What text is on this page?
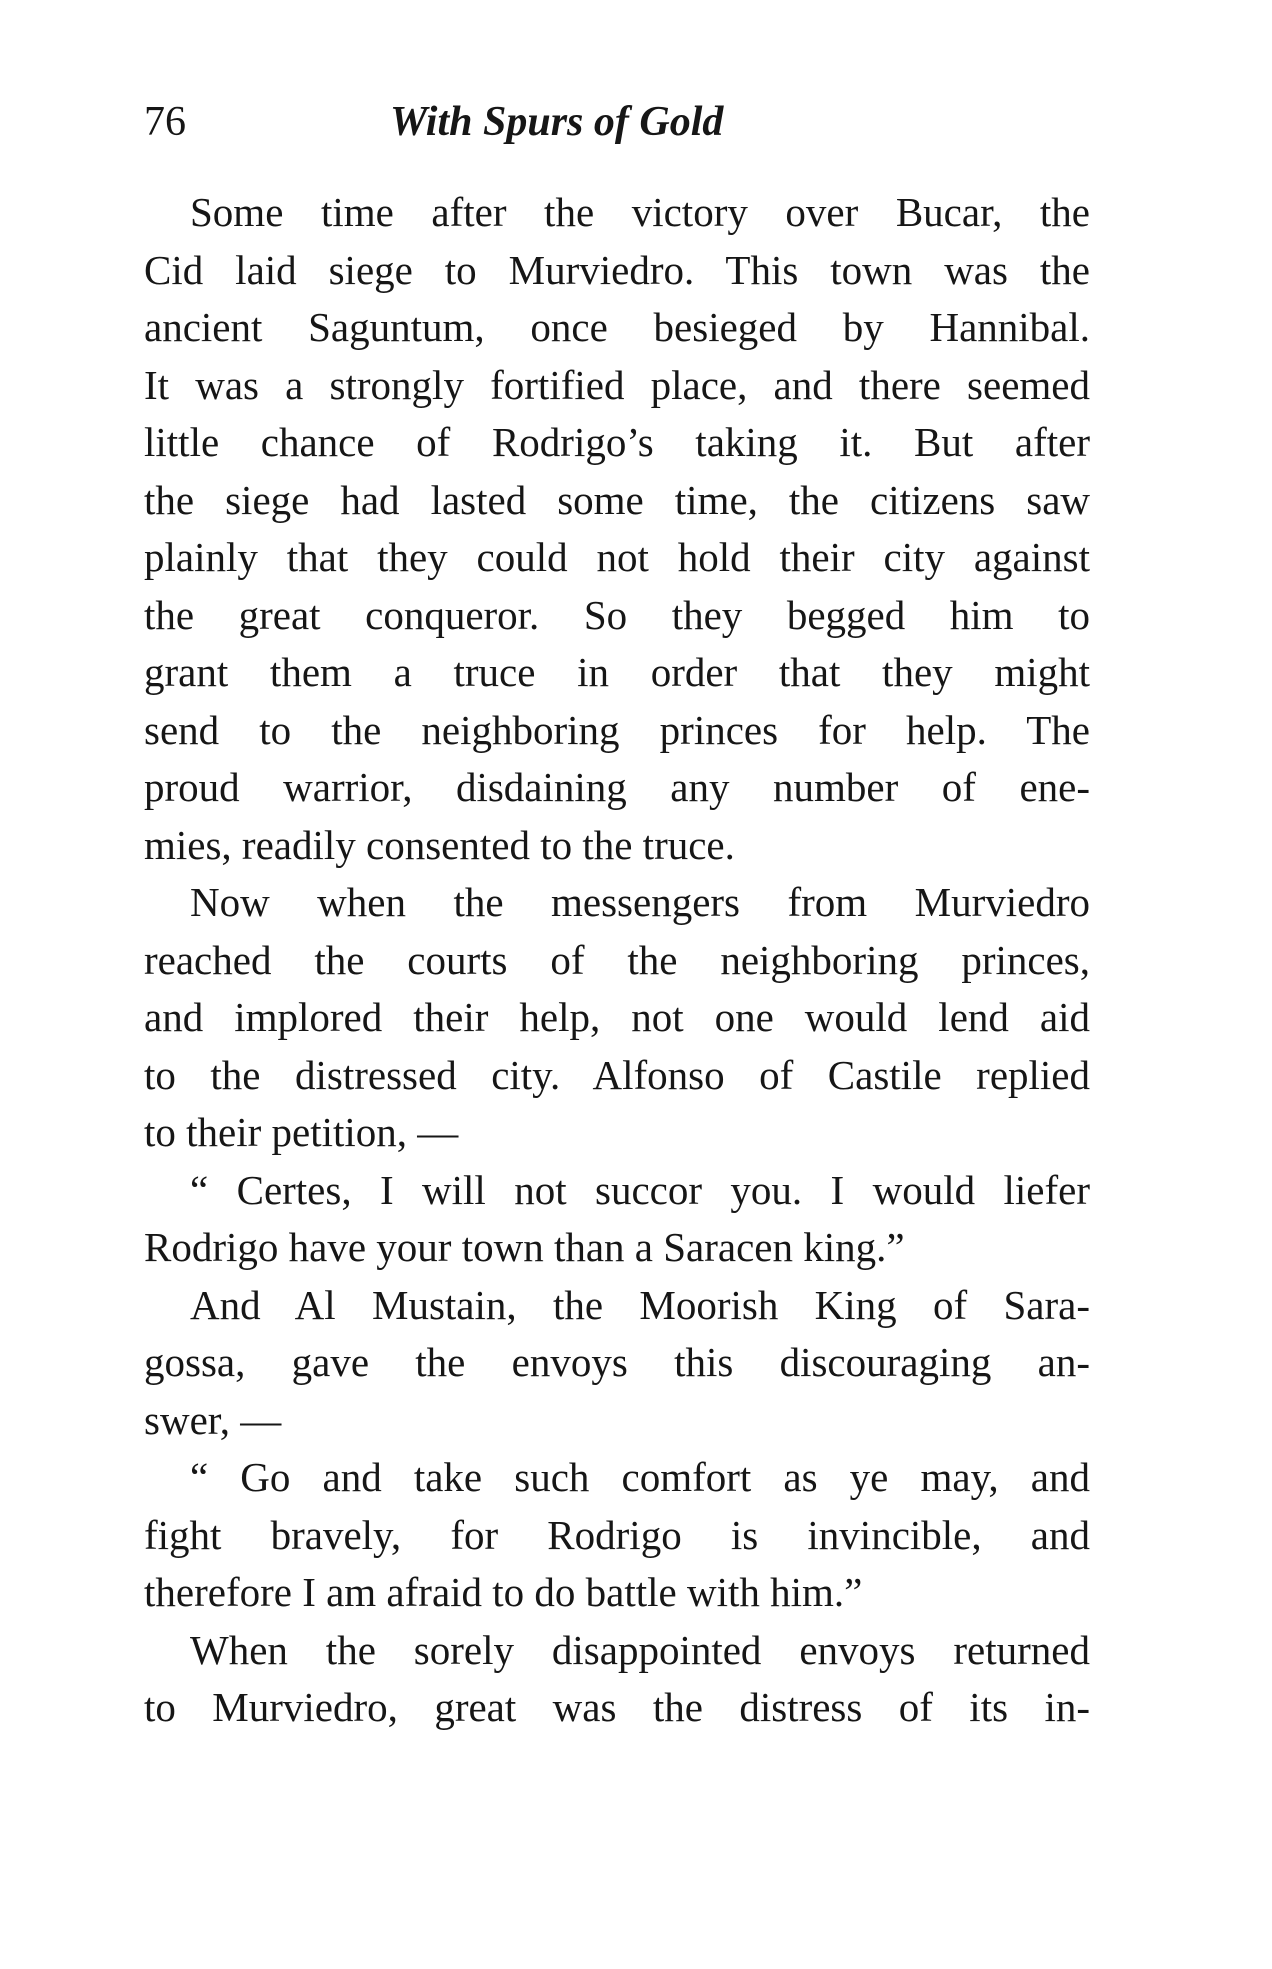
76	With Spurs of Gold
Some time after the victory over Bucar, the
Cid laid siege to Murviedro. This town was the
ancient Saguntum, once besieged by Hannibal.
It was a strongly fortified place, and there seemed
little chance of Rodrigo’s taking it. But after
the siege had lasted some time, the citizens saw
plainly that they could not hold their city against
the great conqueror. So they begged him to
grant them a truce in order that they might
send to the neighboring princes for help. The
proud warrior, disdaining any number of ene-
mies, readily consented to the truce.
Now when the messengers from Murviedro
reached the courts of the neighboring princes,
and implored their help, not one would lend aid
to the distressed city. Alfonso of Castile replied
to their petition, —
“ Certes, I will not succor you. I would liefer
Rodrigo have your town than a Saracen king.”
And Al Mustain, the Moorish King of Sara-
gossa, gave the envoys this discouraging an-
swer, —
“ Go and take such comfort as ye may, and
fight bravely, for Rodrigo is invincible, and
therefore I am afraid to do battle with him.”
When the sorely disappointed envoys returned
to Murviedro, great was the distress of its in-
